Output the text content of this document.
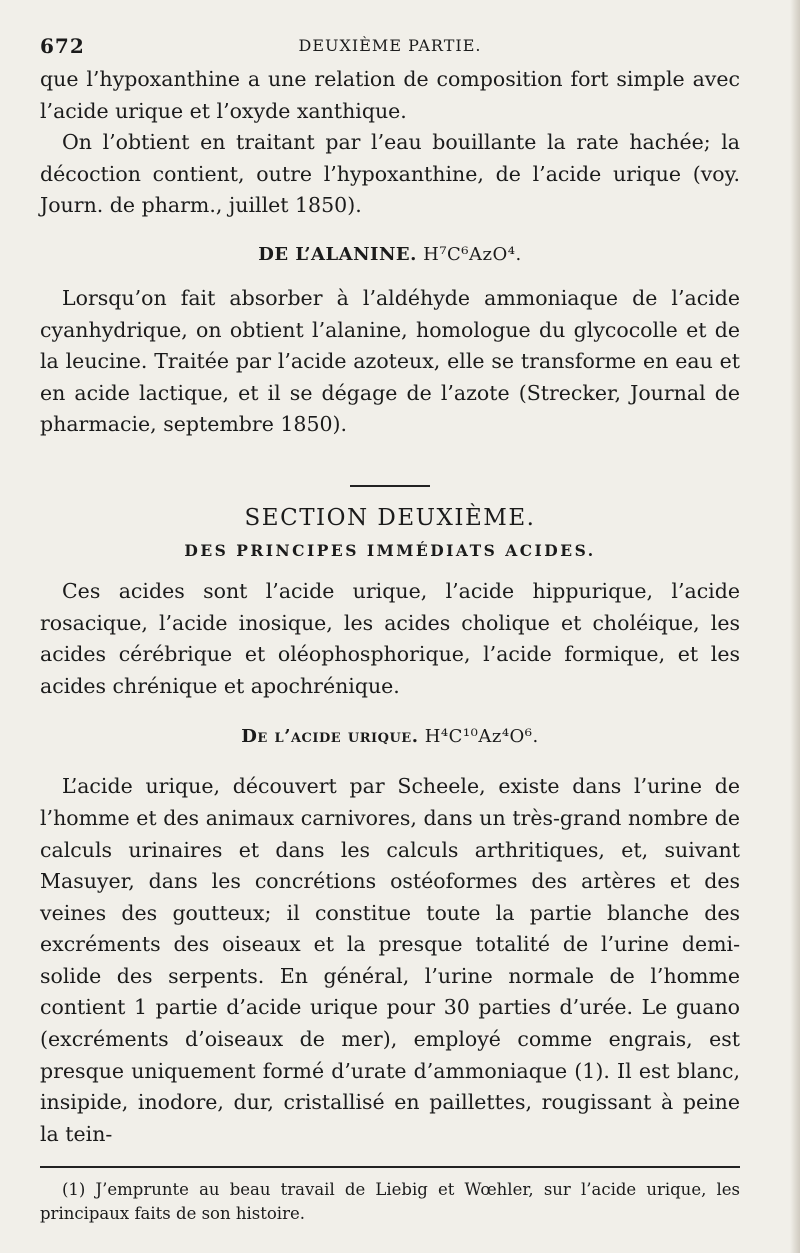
672	DEUXIÈME PARTIE.

que l’hypoxanthine a une relation de composition fort simple avec l’acide urique et l’oxyde xanthique.

On l’obtient en traitant par l’eau bouillante la rate hachée; la décoction contient, outre l’hypoxanthine, de l’acide urique (voy. Journ. de pharm., juillet 1850).

DE L’ALANINE. H⁷C⁶AzO⁴.

Lorsqu’on fait absorber à l’aldéhyde ammoniaque de l’acide cyanhydrique, on obtient l’alanine, homologue du glycocolle et de la leucine. Traitée par l’acide azoteux, elle se transforme en eau et en acide lactique, et il se dégage de l’azote (Strecker, Journal de pharmacie, septembre 1850).

SECTION DEUXIÈME.
DES PRINCIPES IMMÉDIATS ACIDES.

Ces acides sont l’acide urique, l’acide hippurique, l’acide rosacique, l’acide inosique, les acides cholique et choléique, les acides cérébrique et oléophosphorique, l’acide formique, et les acides chrénique et apochrénique.

De l’acide urique. H⁴C¹⁰Az⁴O⁶.

L’acide urique, découvert par Scheele, existe dans l’urine de l’homme et des animaux carnivores, dans un très-grand nombre de calculs urinaires et dans les calculs arthritiques, et, suivant Masuyer, dans les concrétions ostéoformes des artères et des veines des goutteux; il constitue toute la partie blanche des excréments des oiseaux et la presque totalité de l’urine demi-solide des serpents. En général, l’urine normale de l’homme contient 1 partie d’acide urique pour 30 parties d’urée. Le guano (excréments d’oiseaux de mer), employé comme engrais, est presque uniquement formé d’urate d’ammoniaque (1). Il est blanc, insipide, inodore, dur, cristallisé en paillettes, rougissant à peine la tein-

(1) J’emprunte au beau travail de Liebig et Wœhler, sur l’acide urique, les principaux faits de son histoire.
